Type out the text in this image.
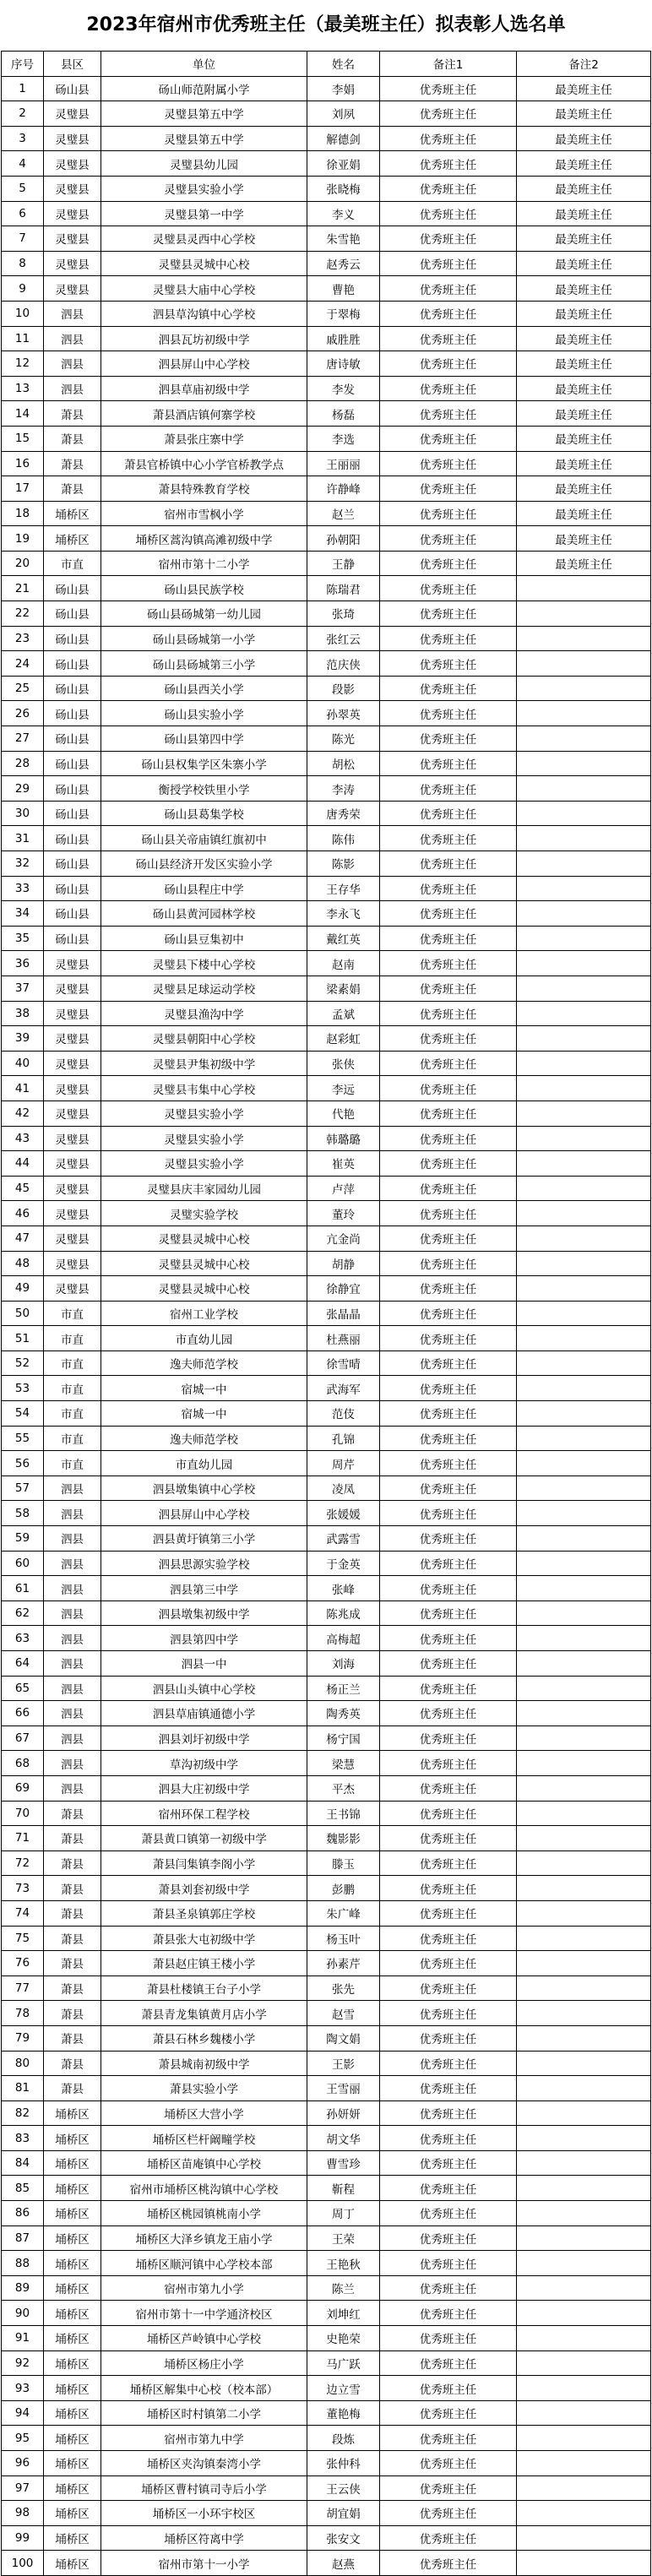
2023年宿州市优秀班主任（最美班主任）拟表彰人选名单
序号	县区	单位	姓名	备注1	备注2
1	砀山县	砀山师范附属小学	李娟	优秀班主任	最美班主任
2	灵璧县	灵璧县第五中学	刘夙	优秀班主任	最美班主任
3	灵璧县	灵璧县第五中学	解德剑	优秀班主任	最美班主任
4	灵璧县	灵璧县幼儿园	徐亚娟	优秀班主任	最美班主任
5	灵璧县	灵璧县实验小学	张晓梅	优秀班主任	最美班主任
6	灵璧县	灵璧县第一中学	李义	优秀班主任	最美班主任
7	灵璧县	灵璧县灵西中心学校	朱雪艳	优秀班主任	最美班主任
8	灵璧县	灵璧县灵城中心校	赵秀云	优秀班主任	最美班主任
9	灵璧县	灵璧县大庙中心学校	曹艳	优秀班主任	最美班主任
10	泗县	泗县草沟镇中心学校	于翠梅	优秀班主任	最美班主任
11	泗县	泗县瓦坊初级中学	戚胜胜	优秀班主任	最美班主任
12	泗县	泗县屏山中心学校	唐诗敏	优秀班主任	最美班主任
13	泗县	泗县草庙初级中学	李发	优秀班主任	最美班主任
14	萧县	萧县酒店镇何寨学校	杨磊	优秀班主任	最美班主任
15	萧县	萧县张庄寨中学	李选	优秀班主任	最美班主任
16	萧县	萧县官桥镇中心小学官桥教学点	王丽丽	优秀班主任	最美班主任
17	萧县	萧县特殊教育学校	许静峰	优秀班主任	最美班主任
18	埇桥区	宿州市雪枫小学	赵兰	优秀班主任	最美班主任
19	埇桥区	埇桥区蒿沟镇高滩初级中学	孙朝阳	优秀班主任	最美班主任
20	市直	宿州市第十二小学	王静	优秀班主任	最美班主任
21	砀山县	砀山县民族学校	陈瑞君	优秀班主任	
22	砀山县	砀山县砀城第一幼儿园	张琦	优秀班主任	
23	砀山县	砀山县砀城第一小学	张红云	优秀班主任	
24	砀山县	砀山县砀城第三小学	范庆侠	优秀班主任	
25	砀山县	砀山县西关小学	段影	优秀班主任	
26	砀山县	砀山县实验小学	孙翠英	优秀班主任	
27	砀山县	砀山县第四中学	陈光	优秀班主任	
28	砀山县	砀山县权集学区朱寨小学	胡松	优秀班主任	
29	砀山县	衡授学校铁里小学	李涛	优秀班主任	
30	砀山县	砀山县葛集学校	唐秀荣	优秀班主任	
31	砀山县	砀山县关帝庙镇红旗初中	陈伟	优秀班主任	
32	砀山县	砀山县经济开发区实验小学	陈影	优秀班主任	
33	砀山县	砀山县程庄中学	王存华	优秀班主任	
34	砀山县	砀山县黄河园林学校	李永飞	优秀班主任	
35	砀山县	砀山县豆集初中	戴红英	优秀班主任	
36	灵璧县	灵璧县下楼中心学校	赵南	优秀班主任	
37	灵璧县	灵璧县足球运动学校	梁素娟	优秀班主任	
38	灵璧县	灵璧县渔沟中学	孟斌	优秀班主任	
39	灵璧县	灵璧县朝阳中心学校	赵彩虹	优秀班主任	
40	灵璧县	灵璧县尹集初级中学	张侠	优秀班主任	
41	灵璧县	灵璧县韦集中心学校	李远	优秀班主任	
42	灵璧县	灵璧县实验小学	代艳	优秀班主任	
43	灵璧县	灵璧县实验小学	韩璐璐	优秀班主任	
44	灵璧县	灵璧县实验小学	崔英	优秀班主任	
45	灵璧县	灵璧县庆丰家园幼儿园	卢萍	优秀班主任	
46	灵璧县	灵璧实验学校	董玲	优秀班主任	
47	灵璧县	灵璧县灵城中心校	亢金尚	优秀班主任	
48	灵璧县	灵璧县灵城中心校	胡静	优秀班主任	
49	灵璧县	灵璧县灵城中心校	徐静宜	优秀班主任	
50	市直	宿州工业学校	张晶晶	优秀班主任	
51	市直	市直幼儿园	杜燕丽	优秀班主任	
52	市直	逸夫师范学校	徐雪晴	优秀班主任	
53	市直	宿城一中	武海军	优秀班主任	
54	市直	宿城一中	范伎	优秀班主任	
55	市直	逸夫师范学校	孔锦	优秀班主任	
56	市直	市直幼儿园	周芹	优秀班主任	
57	泗县	泗县墩集镇中心学校	凌凤	优秀班主任	
58	泗县	泗县屏山中心学校	张媛媛	优秀班主任	
59	泗县	泗县黄圩镇第三小学	武露雪	优秀班主任	
60	泗县	泗县思源实验学校	于金英	优秀班主任	
61	泗县	泗县第三中学	张峰	优秀班主任	
62	泗县	泗县墩集初级中学	陈兆成	优秀班主任	
63	泗县	泗县第四中学	高梅超	优秀班主任	
64	泗县	泗县一中	刘海	优秀班主任	
65	泗县	泗县山头镇中心学校	杨正兰	优秀班主任	
66	泗县	泗县草庙镇通德小学	陶秀英	优秀班主任	
67	泗县	泗县刘圩初级中学	杨宁国	优秀班主任	
68	泗县	草沟初级中学	梁慧	优秀班主任	
69	泗县	泗县大庄初级中学	平杰	优秀班主任	
70	萧县	宿州环保工程学校	王书锦	优秀班主任	
71	萧县	萧县黄口镇第一初级中学	魏影影	优秀班主任	
72	萧县	萧县闫集镇李阁小学	滕玉	优秀班主任	
73	萧县	萧县刘套初级中学	彭鹏	优秀班主任	
74	萧县	萧县圣泉镇郭庄学校	朱广峰	优秀班主任	
75	萧县	萧县张大屯初级中学	杨玉叶	优秀班主任	
76	萧县	萧县赵庄镇王楼小学	孙素芹	优秀班主任	
77	萧县	萧县杜楼镇王台子小学	张先	优秀班主任	
78	萧县	萧县青龙集镇黄月店小学	赵雪	优秀班主任	
79	萧县	萧县石林乡魏楼小学	陶文娟	优秀班主任	
80	萧县	萧县城南初级中学	王影	优秀班主任	
81	萧县	萧县实验小学	王雪丽	优秀班主任	
82	埇桥区	埇桥区大营小学	孙妍妍	优秀班主任	
83	埇桥区	埇桥区栏杆阚疃学校	胡文华	优秀班主任	
84	埇桥区	埇桥区苗庵镇中心学校	曹雪珍	优秀班主任	
85	埇桥区	宿州市埇桥区桃沟镇中心学校	靳程	优秀班主任	
86	埇桥区	埇桥区桃园镇桃南小学	周丁	优秀班主任	
87	埇桥区	埇桥区大泽乡镇龙王庙小学	王荣	优秀班主任	
88	埇桥区	埇桥区顺河镇中心学校本部	王艳秋	优秀班主任	
89	埇桥区	宿州市第九小学	陈兰	优秀班主任	
90	埇桥区	宿州市第十一中学通济校区	刘坤红	优秀班主任	
91	埇桥区	埇桥区芦岭镇中心学校	史艳荣	优秀班主任	
92	埇桥区	埇桥区杨庄小学	马广跃	优秀班主任	
93	埇桥区	埇桥区解集中心校（校本部）	边立雪	优秀班主任	
94	埇桥区	埇桥区时村镇第二小学	董艳梅	优秀班主任	
95	埇桥区	宿州市第九中学	段炼	优秀班主任	
96	埇桥区	埇桥区夹沟镇秦湾小学	张仲科	优秀班主任	
97	埇桥区	埇桥区曹村镇司寺后小学	王云侠	优秀班主任	
98	埇桥区	埇桥区一小环宇校区	胡宜娟	优秀班主任	
99	埇桥区	埇桥区符离中学	张安文	优秀班主任	
100	埇桥区	宿州市第十一小学	赵燕	优秀班主任	
